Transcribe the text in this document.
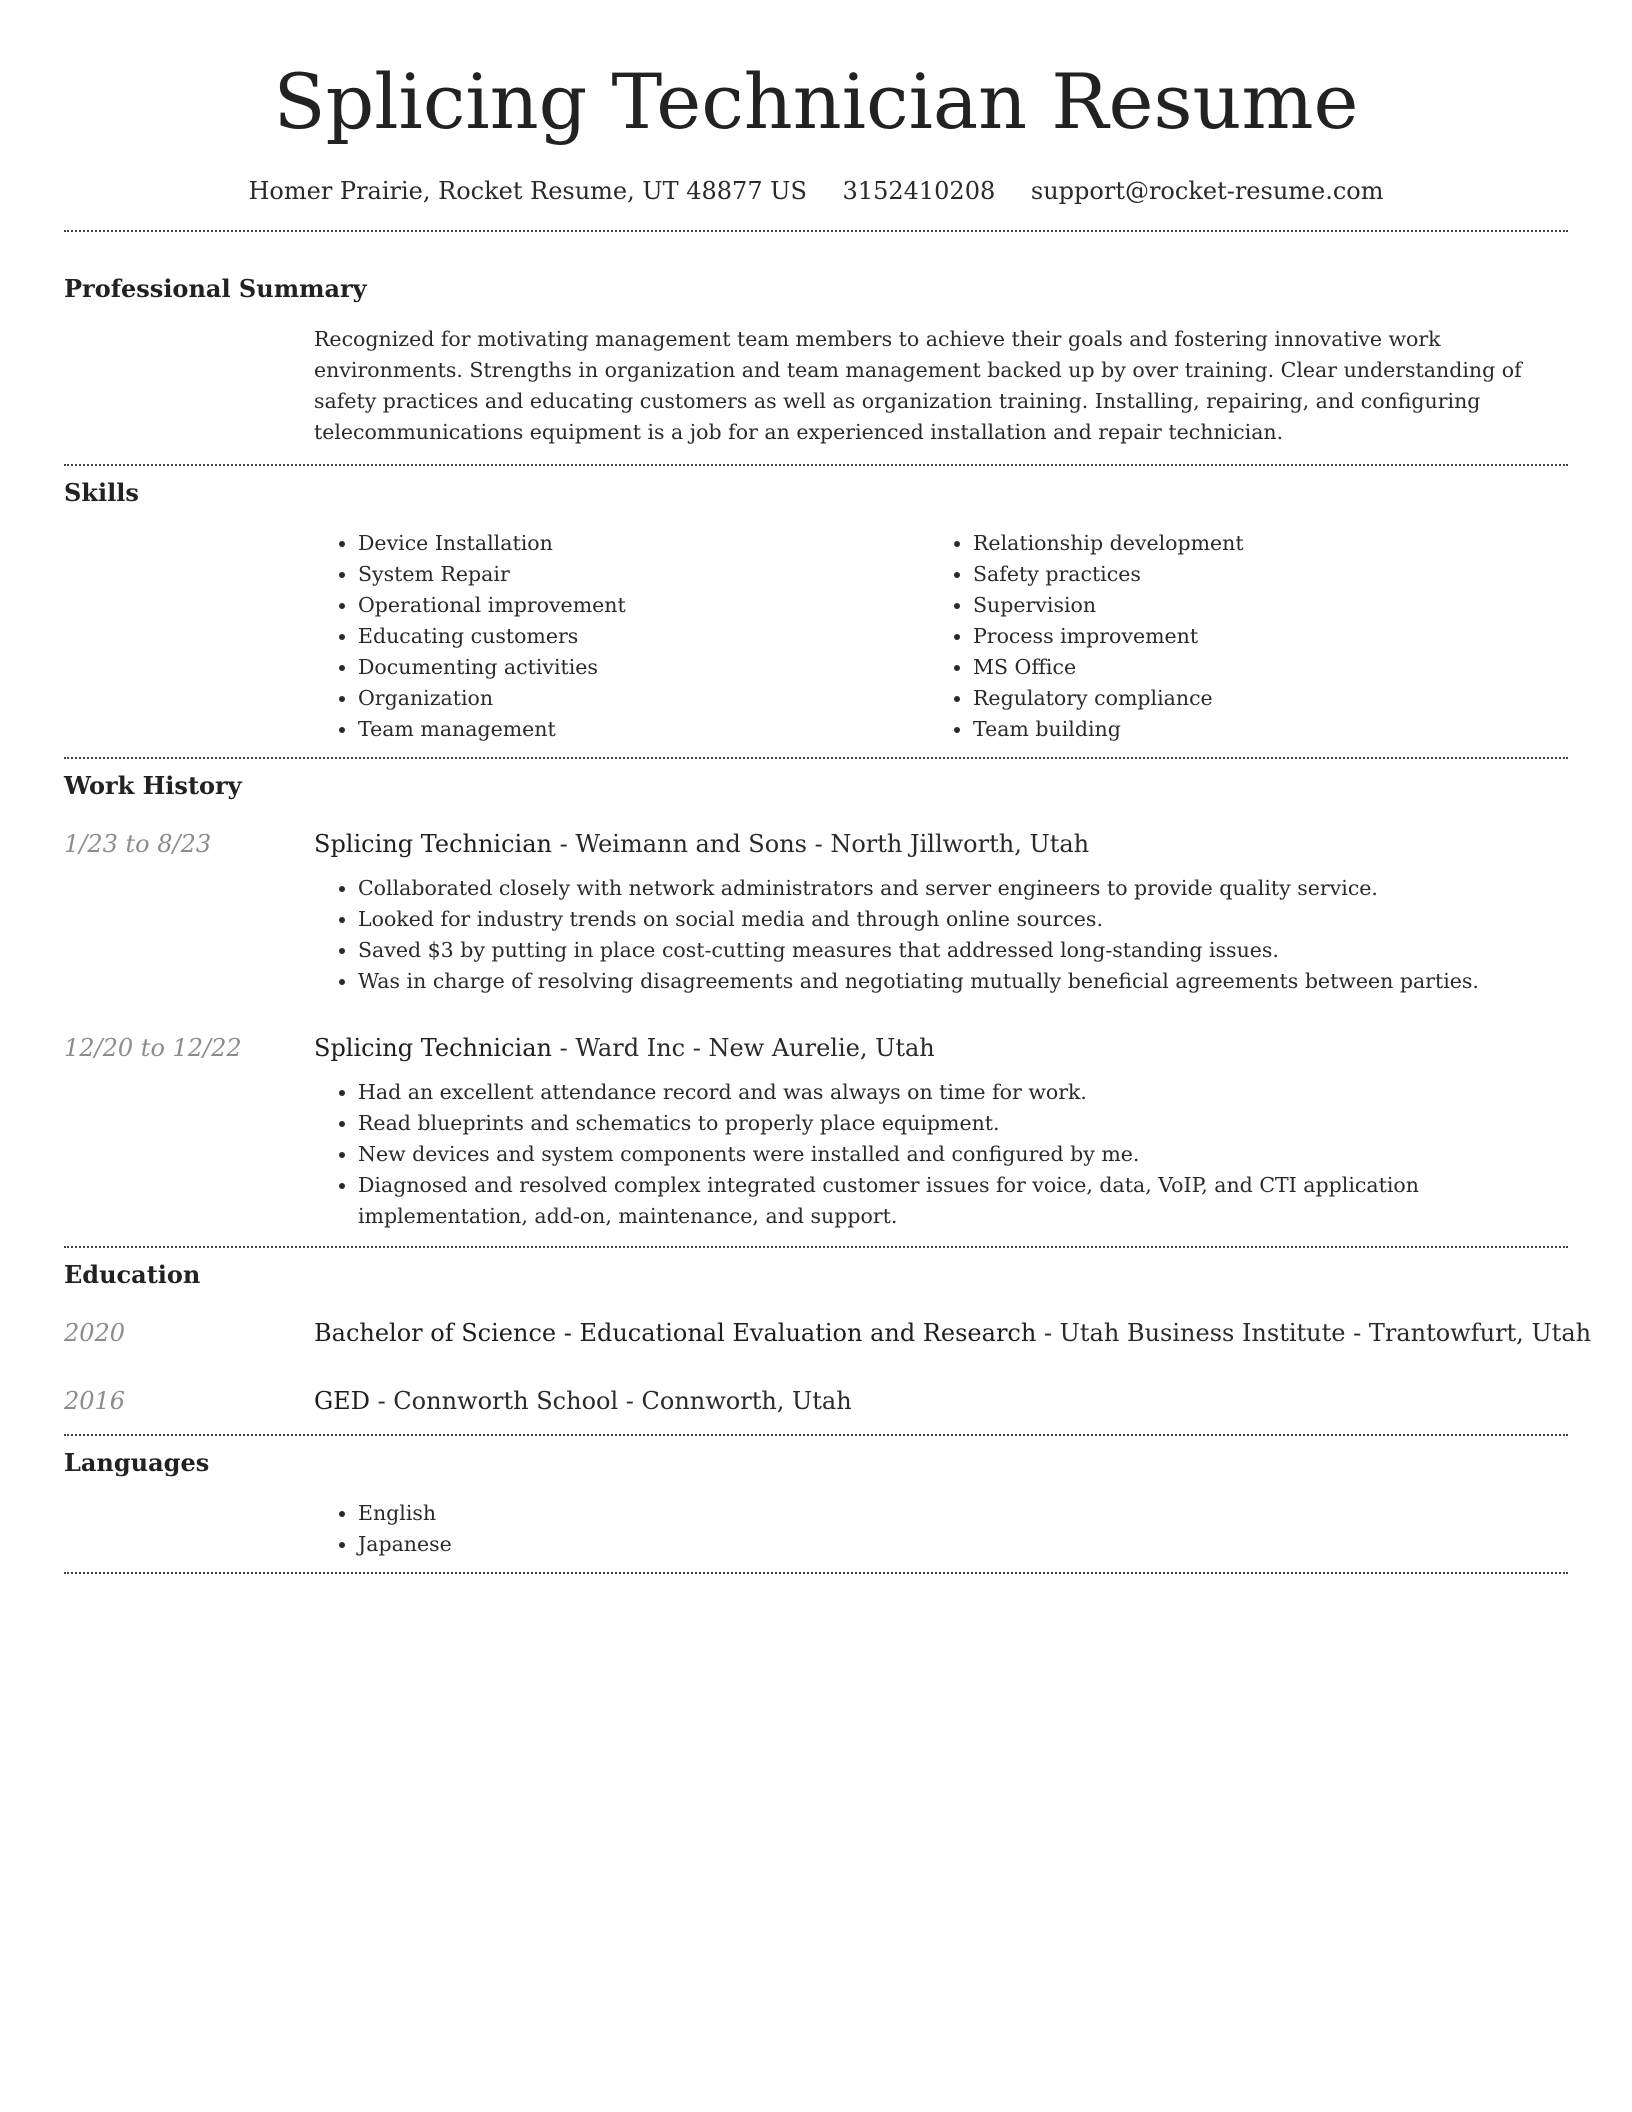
Splicing Technician Resume
Homer Prairie, Rocket Resume, UT 48877 US 3152410208 support@rocket-resume.com
Professional Summary
Recognized for motivating management team members to achieve their goals and fostering innovative work environments. Strengths in organization and team management backed up by over training. Clear understanding of safety practices and educating customers as well as organization training. Installing, repairing, and configuring telecommunications equipment is a job for an experienced installation and repair technician.
Skills
• Device Installation
• System Repair
• Operational improvement
• Educating customers
• Documenting activities
• Organization
• Team management
• Relationship development
• Safety practices
• Supervision
• Process improvement
• MS Office
• Regulatory compliance
• Team building
Work History
1/23 to 8/23	Splicing Technician - Weimann and Sons - North Jillworth, Utah
• Collaborated closely with network administrators and server engineers to provide quality service.
• Looked for industry trends on social media and through online sources.
• Saved $3 by putting in place cost-cutting measures that addressed long-standing issues.
• Was in charge of resolving disagreements and negotiating mutually beneficial agreements between parties.
12/20 to 12/22	Splicing Technician - Ward Inc - New Aurelie, Utah
• Had an excellent attendance record and was always on time for work.
• Read blueprints and schematics to properly place equipment.
• New devices and system components were installed and configured by me.
• Diagnosed and resolved complex integrated customer issues for voice, data, VoIP, and CTI application implementation, add-on, maintenance, and support.
Education
2020	Bachelor of Science - Educational Evaluation and Research - Utah Business Institute - Trantowfurt, Utah
2016	GED - Connworth School - Connworth, Utah
Languages
• English
• Japanese
